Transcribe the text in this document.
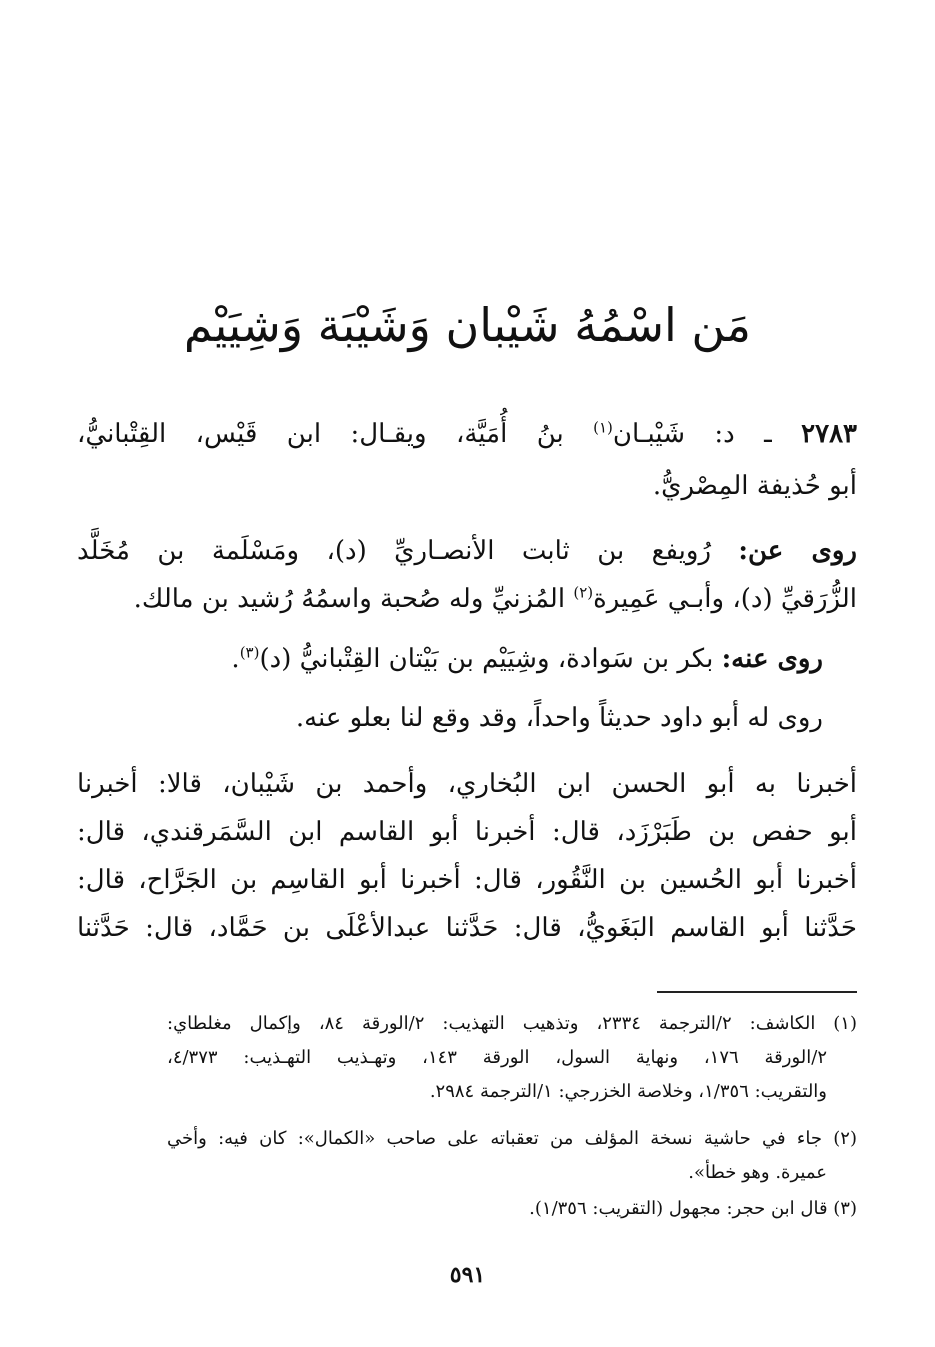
مَن اسْمُهُ شَيْبان وَشَيْبَة وَشِيَيْم
٢٧٨٣ ـ د: شَيْبـان$^{(١)}$ بنُ أُمَيَّة، ويقـال: ابن قَيْس، القِتْبانيُّ،
أبو حُذيفة المِصْريُّ.
روى عن: رُويفع بن ثابت الأنصـاريِّ (د)، ومَسْلَمة بن مُخَلَّد
الزُّرَقيِّ (د)، وأبـي عَمِيرة$^{(٢)}$ المُزنيِّ وله صُحبة واسمُهُ رُشيد بن مالك.
روى عنه: بكر بن سَوادة، وشِيَيْم بن بَيْتان القِتْبانيُّ (د)$^{(٣)}$.
روى له أبو داود حديثاً واحداً، وقد وقع لنا بعلو عنه.
أخبرنا به أبو الحسن ابن البُخاري، وأحمد بن شَيْبان، قالا: أخبرنا
أبو حفص بن طَبَرْزَد، قال: أخبرنا أبو القاسم ابن السَّمَرقندي، قال:
أخبرنا أبو الحُسين بن النَّقُور، قال: أخبرنا أبو القاسِم بن الجَرَّاح، قال:
حَدَّثنا أبو القاسم البَغَويُّ، قال: حَدَّثنا عبدالأعْلَى بن حَمَّاد، قال: حَدَّثنا
(١) الكاشف: ٢/الترجمة ٢٣٣٤، وتذهيب التهذيب: ٢/الورقة ٨٤، وإكمال مغلطاي:
٢/الورقة ١٧٦، ونهاية السول، الورقة ١٤٣، وتهـذيب التهـذيب: ٤/٣٧٣،
والتقريب: ١/٣٥٦، وخلاصة الخزرجي: ١/الترجمة ٢٩٨٤.
(٢) جاء في حاشية نسخة المؤلف من تعقباته على صاحب «الكمال»: كان فيه: وأخي
عميرة. وهو خطأ».
(٣) قال ابن حجر: مجهول (التقريب: ١/٣٥٦).
٥٩١
